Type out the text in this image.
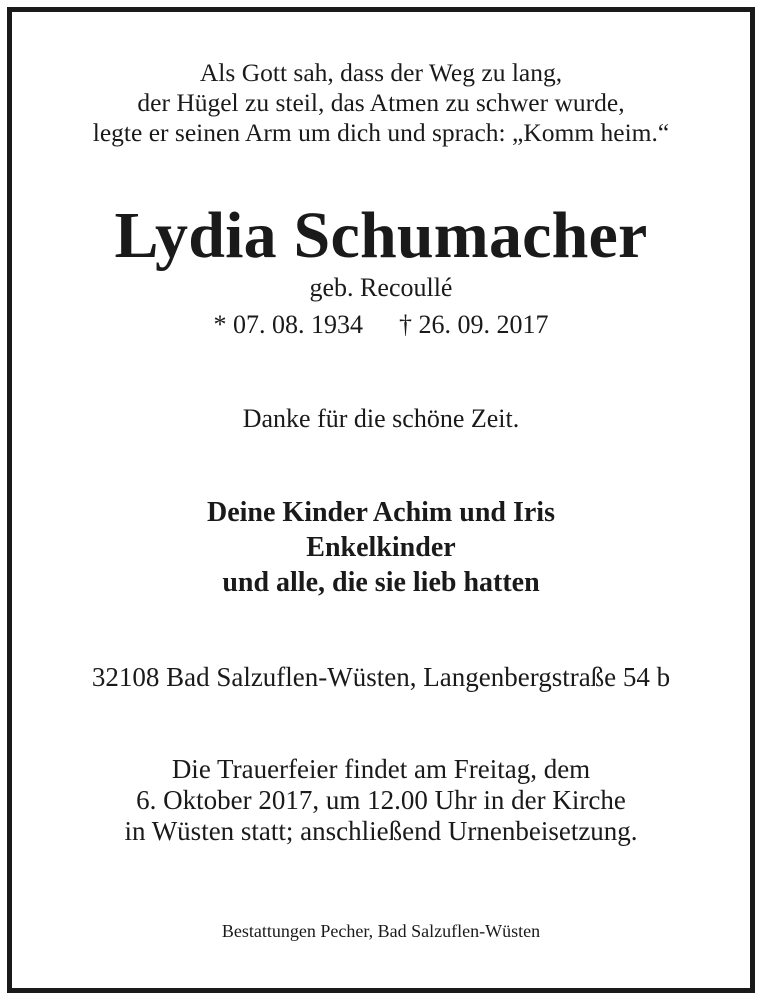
Als Gott sah, dass der Weg zu lang,
der Hügel zu steil, das Atmen zu schwer wurde,
legte er seinen Arm um dich und sprach: „Komm heim.“
Lydia Schumacher
geb. Recoullé
* 07. 08. 1934 † 26. 09. 2017
Danke für die schöne Zeit.
Deine Kinder Achim und Iris
Enkelkinder
und alle, die sie lieb hatten
32108 Bad Salzuflen-Wüsten, Langenbergstraße 54 b
Die Trauerfeier findet am Freitag, dem
6. Oktober 2017, um 12.00 Uhr in der Kirche
in Wüsten statt; anschließend Urnenbeisetzung.
Bestattungen Pecher, Bad Salzuflen-Wüsten
